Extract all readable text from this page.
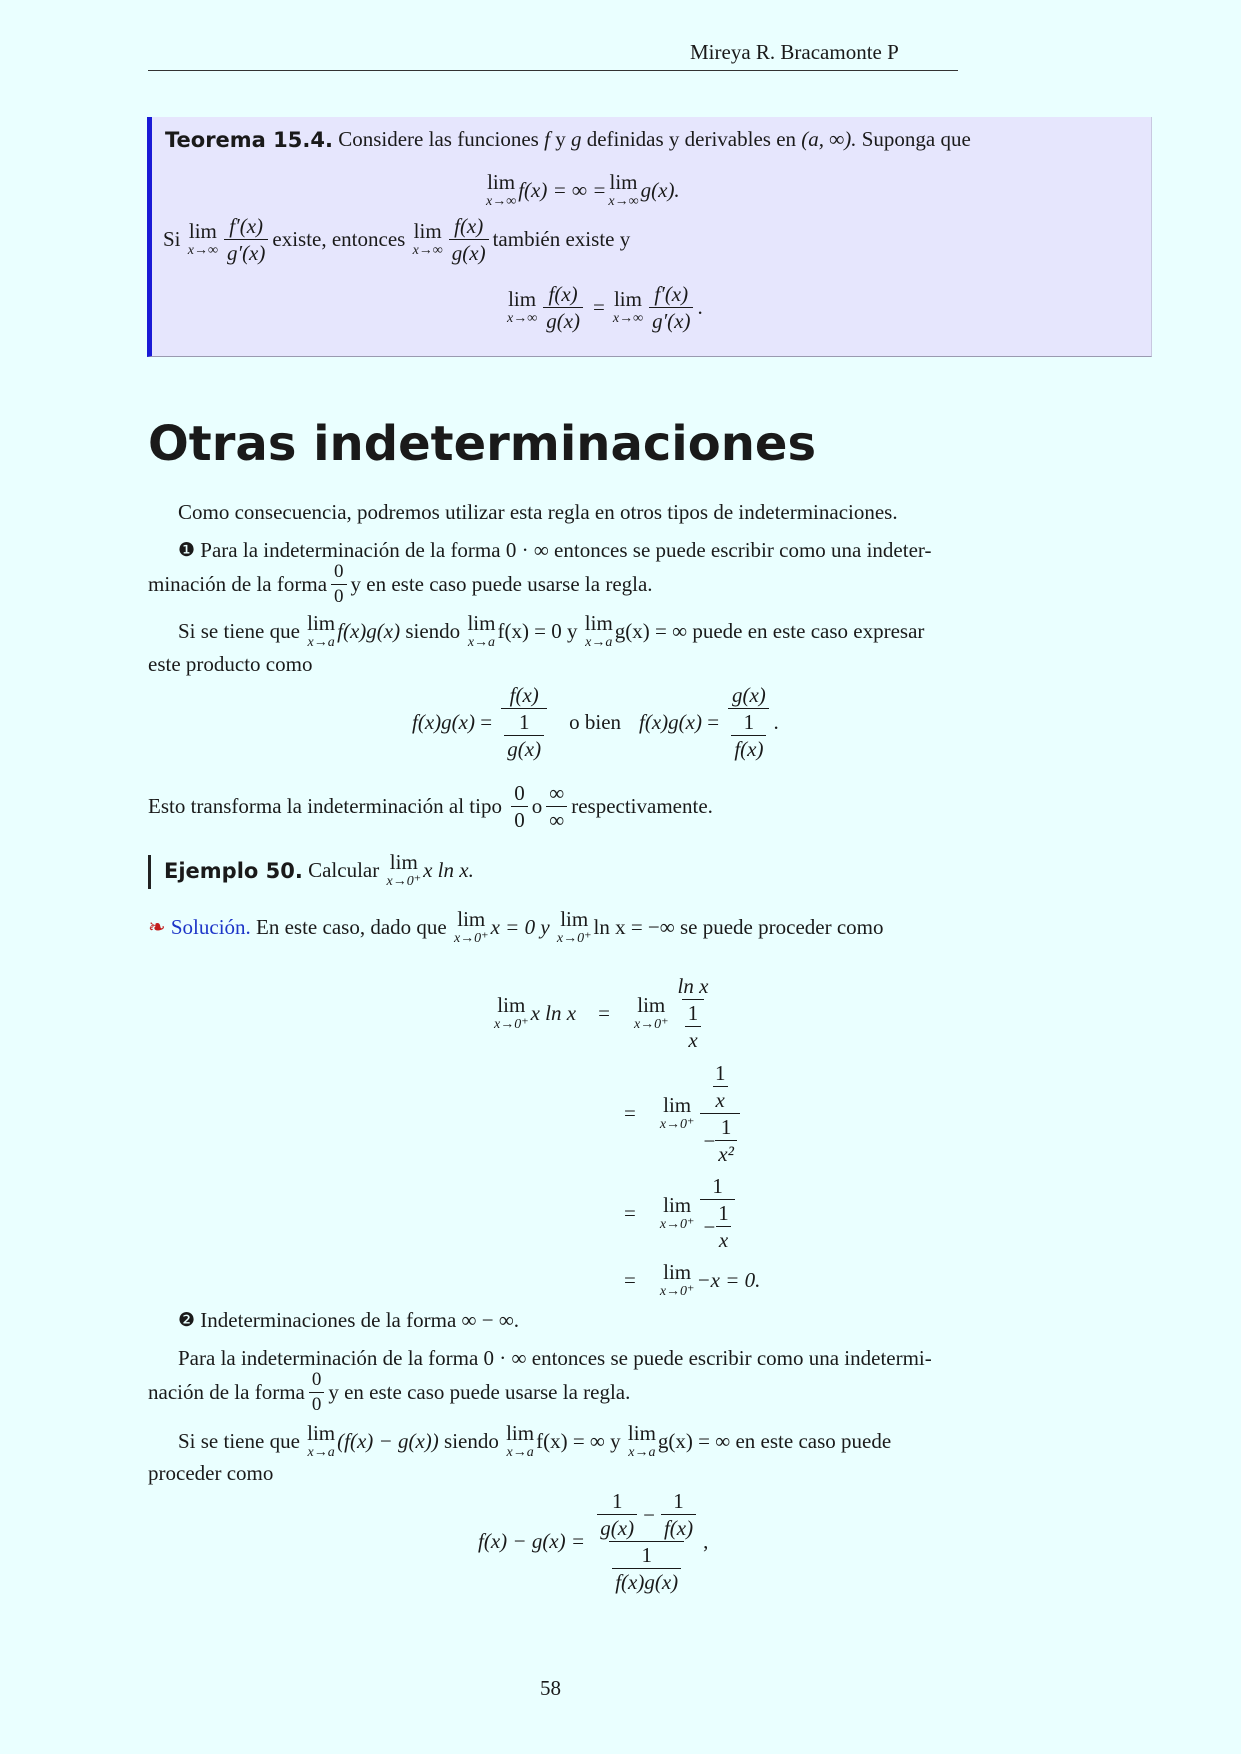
Mireya R. Bracamonte P
Teorema 15.4.
Considere las funciones
f
y
g
definidas y derivables en
(a, ∞).
Suponga que
lim
x→∞ f(x) = ∞ = lim
x→∞ g(x).
Si
lim
$x\to\infty \frac{f'(x)}{g'(x)}$ existe, entonces
lim
$x\to\infty \frac{f(x)}{g(x)}$ también existe y
lim
$x\to\infty \frac{f(x)}{g(x)} = \lim$
$x\to\infty \frac{f'(x)}{g'(x)}$ .
Otras indeterminaciones
Como consecuencia, podremos utilizar esta regla en otros tipos de indeterminaciones.
❶
Para la indeterminación de la forma 0 · ∞ entonces se puede escribir como una indeter-
minación de la forma $\frac{0}{0}$ y en este caso puede usarse la regla.
Si se tiene que
lim
x→a f(x)g(x)
siendo
lim
x→a f(x) = 0 y
lim
x→a g(x) = ∞ puede en este caso expresar
este producto como
$f(x)g(x) = \frac{f(x)}{\frac{1}{g(x)}}$ o bien $f(x)g(x) = \frac{g(x)}{\frac{1}{f(x)}}$ .
Esto transforma la indeterminación al tipo
$\frac{0}{0}$ o $\frac{\infty}{\infty}$ respectivamente.
Ejemplo 50.
Calcular
lim
x→0⁺ x ln x.
❧
Solución.
En este caso, dado que
lim
x→0⁺ x = 0 y
lim
x→0⁺ ln x = −∞ se puede proceder como
lim
x→0⁺ x ln x = lim
$x\to 0^+ \frac{\text{ln x}}{\frac{1}{x}}$
= lim
$x\to 0^+ \frac{\frac{1}{x}}{- \frac{1}{\text{x²}}}$
= lim
$x\to 0^+ \frac{1}{- \frac{1}{x}}$
= lim
x→0⁺ −x = 0.
❷
Indeterminaciones de la forma ∞ − ∞.
Para la indeterminación de la forma 0 · ∞ entonces se puede escribir como una indetermi-
nación de la forma $\frac{0}{0}$ y en este caso puede usarse la regla.
Si se tiene que
lim
x→a (f(x) − g(x))
siendo
lim
x→a f(x) = ∞ y
lim
x→a g(x) = ∞ en este caso puede
proceder como
f(x) − g(x) =
$\frac{\frac{1}{g(x)} - \frac{1}{f(x)}}{\frac{1}{f(x)g(x)}}$ ,
58
